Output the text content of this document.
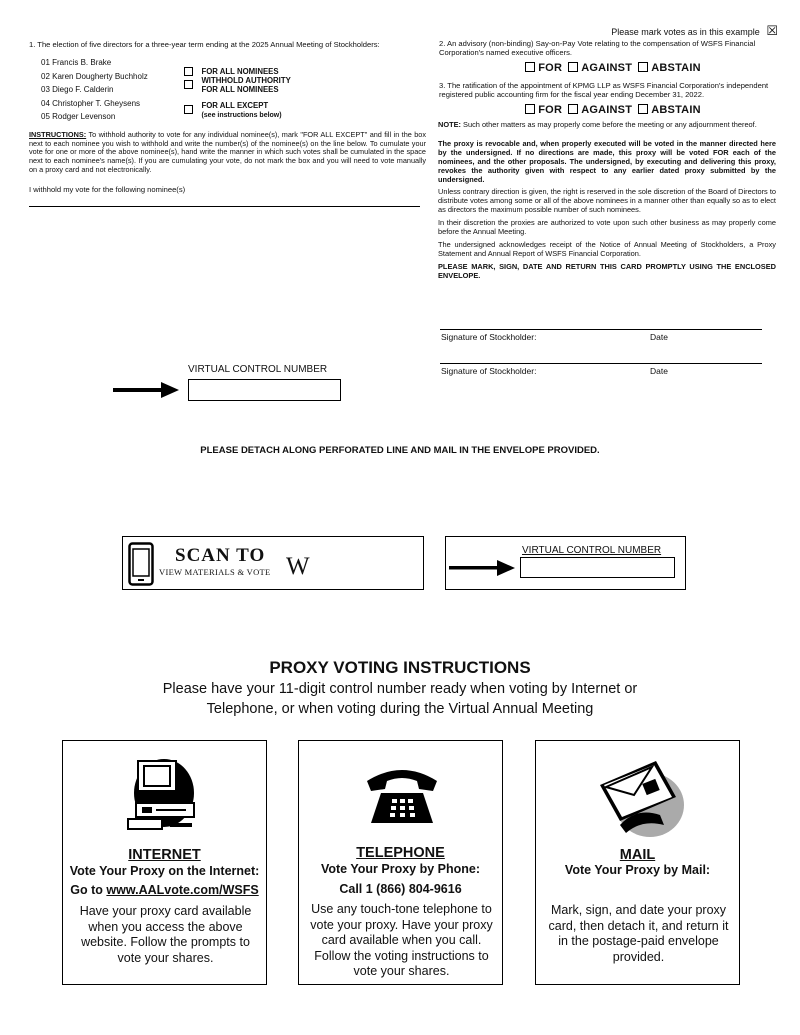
Please mark votes as in this example ☒
1. The election of five directors for a three-year term ending at the 2025 Annual Meeting of Stockholders:
01 Francis B. Brake
02 Karen Dougherty Buchholz
03 Diego F. Calderin
04 Christopher T. Gheysens
05 Rodger Levenson
FOR ALL NOMINEES
WITHHOLD AUTHORITY
FOR ALL NOMINEES
FOR ALL EXCEPT
(see instructions below)
INSTRUCTIONS: To withhold authority to vote for any individual nominee(s), mark "FOR ALL EXCEPT" and fill in the box next to each nominee you wish to withhold and write the number(s) of the nominee(s) on the line below. To cumulate your vote for one or more of the above nominee(s), hand write the manner in which such votes shall be cumulated in the space next to each nominee's name(s). If you are cumulating your vote, do not mark the box and you will need to vote manually on a proxy card and not electronically.
I withhold my vote for the following nominee(s)
2. An advisory (non-binding) Say-on-Pay Vote relating to the compensation of WSFS Financial Corporation's named executive officers.
FOR AGAINST ABSTAIN
3. The ratification of the appointment of KPMG LLP as WSFS Financial Corporation's independent registered public accounting firm for the fiscal year ending December 31, 2022.
FOR AGAINST ABSTAIN
NOTE: Such other matters as may properly come before the meeting or any adjournment thereof.
The proxy is revocable and, when properly executed will be voted in the manner directed here by the undersigned. If no directions are made, this proxy will be voted FOR each of the nominees, and the other proposals. The undersigned, by executing and delivering this proxy, revokes the authority given with respect to any earlier dated proxy submitted by the undersigned.
Unless contrary direction is given, the right is reserved in the sole discretion of the Board of Directors to distribute votes among some or all of the above nominees in a manner other than equally so as to elect as directors the maximum possible number of such nominees.
In their discretion the proxies are authorized to vote upon such other business as may properly come before the Annual Meeting.
The undersigned acknowledges receipt of the Notice of Annual Meeting of Stockholders, a Proxy Statement and Annual Report of WSFS Financial Corporation.
PLEASE MARK, SIGN, DATE AND RETURN THIS CARD PROMPTLY USING THE ENCLOSED ENVELOPE.
Signature of Stockholder:	Date
Signature of Stockholder:	Date
VIRTUAL CONTROL NUMBER
PLEASE DETACH ALONG PERFORATED LINE AND MAIL IN THE ENVELOPE PROVIDED.
SCAN TO
VIEW MATERIALS & VOTE W
VIRTUAL CONTROL NUMBER
PROXY VOTING INSTRUCTIONS
Please have your 11-digit control number ready when voting by Internet or
Telephone, or when voting during the Virtual Annual Meeting
INTERNET
Vote Your Proxy on the Internet:
Go to www.AALvote.com/WSFS
Have your proxy card available when you access the above website. Follow the prompts to vote your shares.
TELEPHONE
Vote Your Proxy by Phone:
Call 1 (866) 804-9616
Use any touch-tone telephone to vote your proxy. Have your proxy card available when you call. Follow the voting instructions to vote your shares.
MAIL
Vote Your Proxy by Mail:
Mark, sign, and date your proxy card, then detach it, and return it in the postage-paid envelope provided.
